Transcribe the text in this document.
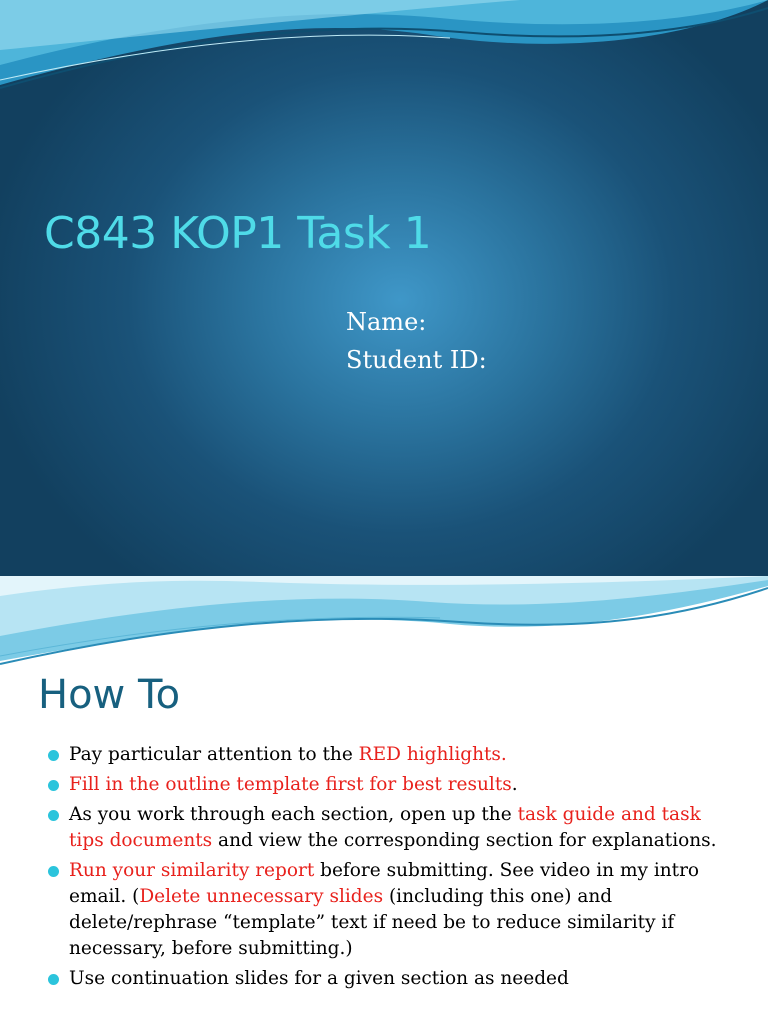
C843 KOP1 Task 1
Name:
Student ID:
How To
Pay particular attention to the RED highlights.
Fill in the outline template first for best results.
As you work through each section, open up the task guide and task tips documents and view the corresponding section for explanations.
Run your similarity report before submitting. See video in my intro email. (Delete unnecessary slides (including this one) and delete/rephrase “template” text if need be to reduce similarity if necessary, before submitting.)
Use continuation slides for a given section as needed
